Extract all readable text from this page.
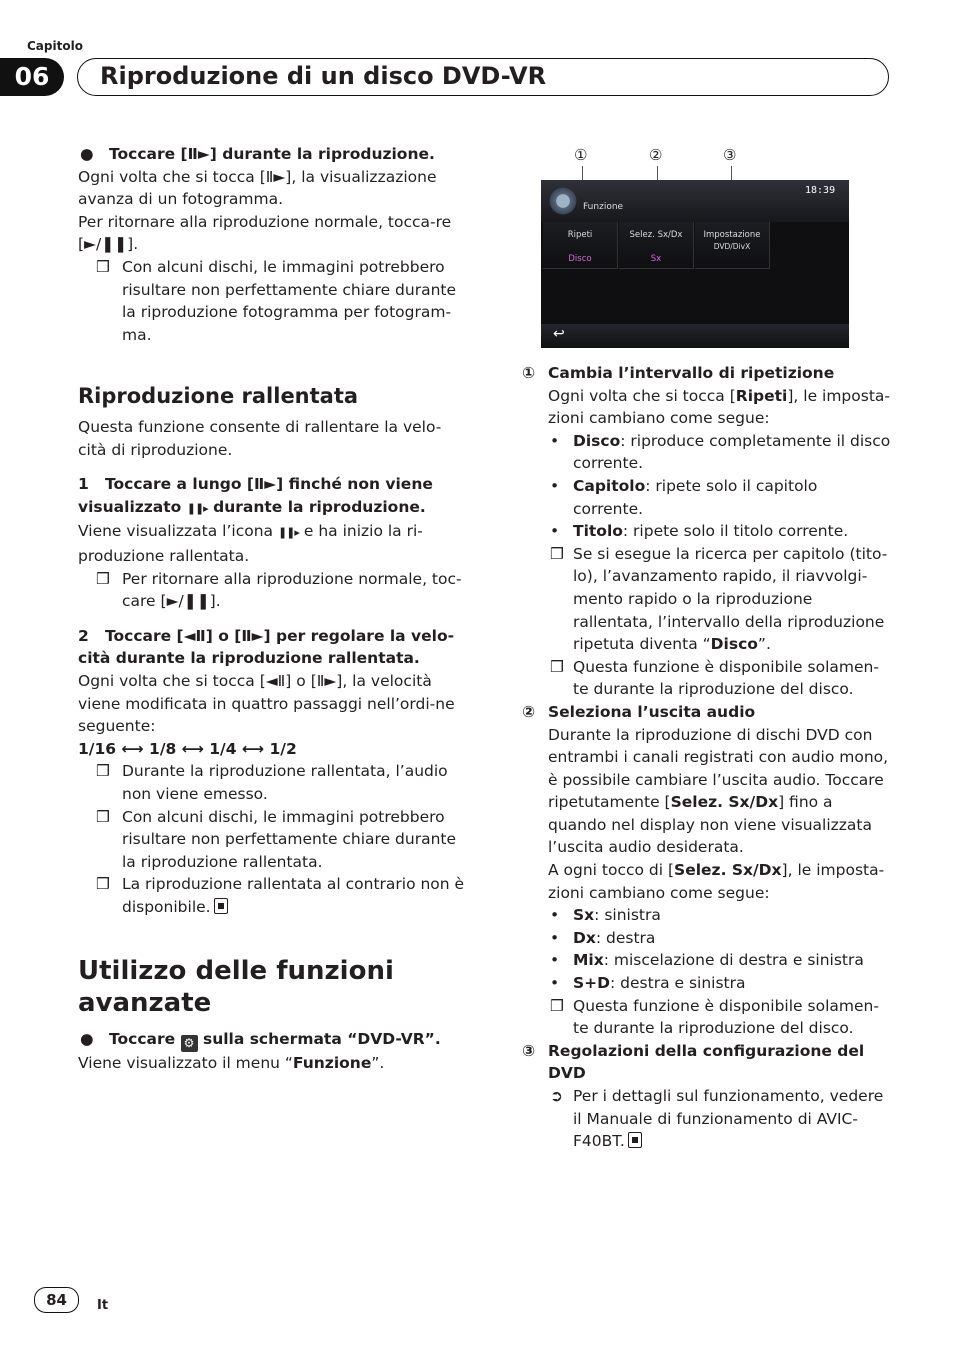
Capitolo
06	Riproduzione di un disco DVD-VR

● Toccare [Ⅱ►] durante la riproduzione.

Ogni volta che si tocca [Ⅱ►], la visualizzazione avanza di un fotogramma.

Per ritornare alla riproduzione normale, tocca-re [►/❚❚].

❒ Con alcuni dischi, le immagini potrebbero risultare non perfettamente chiare durante la riproduzione fotogramma per fotogram-ma.

Riproduzione rallentata

Questa funzione consente di rallentare la velo-cità di riproduzione.

1 Toccare a lungo [Ⅱ►] finché non viene visualizzato ❚❚▸ durante la riproduzione.

Viene visualizzata l’icona ❚❚▸ e ha inizio la ri-produzione rallentata.

❒ Per ritornare alla riproduzione normale, toc-care [►/❚❚].

2 Toccare [◄Ⅱ] o [Ⅱ►] per regolare la velo-cità durante la riproduzione rallentata.

Ogni volta che si tocca [◄Ⅱ] o [Ⅱ►], la velocità viene modificata in quattro passaggi nell’ordi-ne seguente:

1/16 ⟷ 1/8 ⟷ 1/4 ⟷ 1/2

❒ Durante la riproduzione rallentata, l’audio non viene emesso.

❒ Con alcuni dischi, le immagini potrebbero risultare non perfettamente chiare durante la riproduzione rallentata.

❒ La riproduzione rallentata al contrario non è disponibile.

Utilizzo delle funzioni avanzate

● Toccare ⚙ sulla schermata “DVD-VR”.

Viene visualizzato il menu “Funzione”.

①	②	③
Funzione
18:39
Ripeti
Disco
Selez. Sx/Dx
Sx
Impostazione
DVD/DivX
↩

① Cambia l’intervallo di ripetizione

Ogni volta che si tocca [Ripeti], le imposta-zioni cambiano come segue:

• Disco: riproduce completamente il disco corrente.

• Capitolo: ripete solo il capitolo corrente.

• Titolo: ripete solo il titolo corrente.

❒ Se si esegue la ricerca per capitolo (tito-lo), l’avanzamento rapido, il riavvolgi-mento rapido o la riproduzione rallentata, l’intervallo della riproduzione ripetuta diventa “Disco”.

❒ Questa funzione è disponibile solamen-te durante la riproduzione del disco.

② Seleziona l’uscita audio

Durante la riproduzione di dischi DVD con entrambi i canali registrati con audio mono, è possibile cambiare l’uscita audio. Toccare ripetutamente [Selez. Sx/Dx] fino a quando nel display non viene visualizzata l’uscita audio desiderata.

A ogni tocco di [Selez. Sx/Dx], le imposta-zioni cambiano come segue:

• Sx: sinistra

• Dx: destra

• Mix: miscelazione di destra e sinistra

• S+D: destra e sinistra

❒ Questa funzione è disponibile solamen-te durante la riproduzione del disco.

③ Regolazioni della configurazione del DVD

➲ Per i dettagli sul funzionamento, vedere il Manuale di funzionamento di AVIC-F40BT.

84	It
